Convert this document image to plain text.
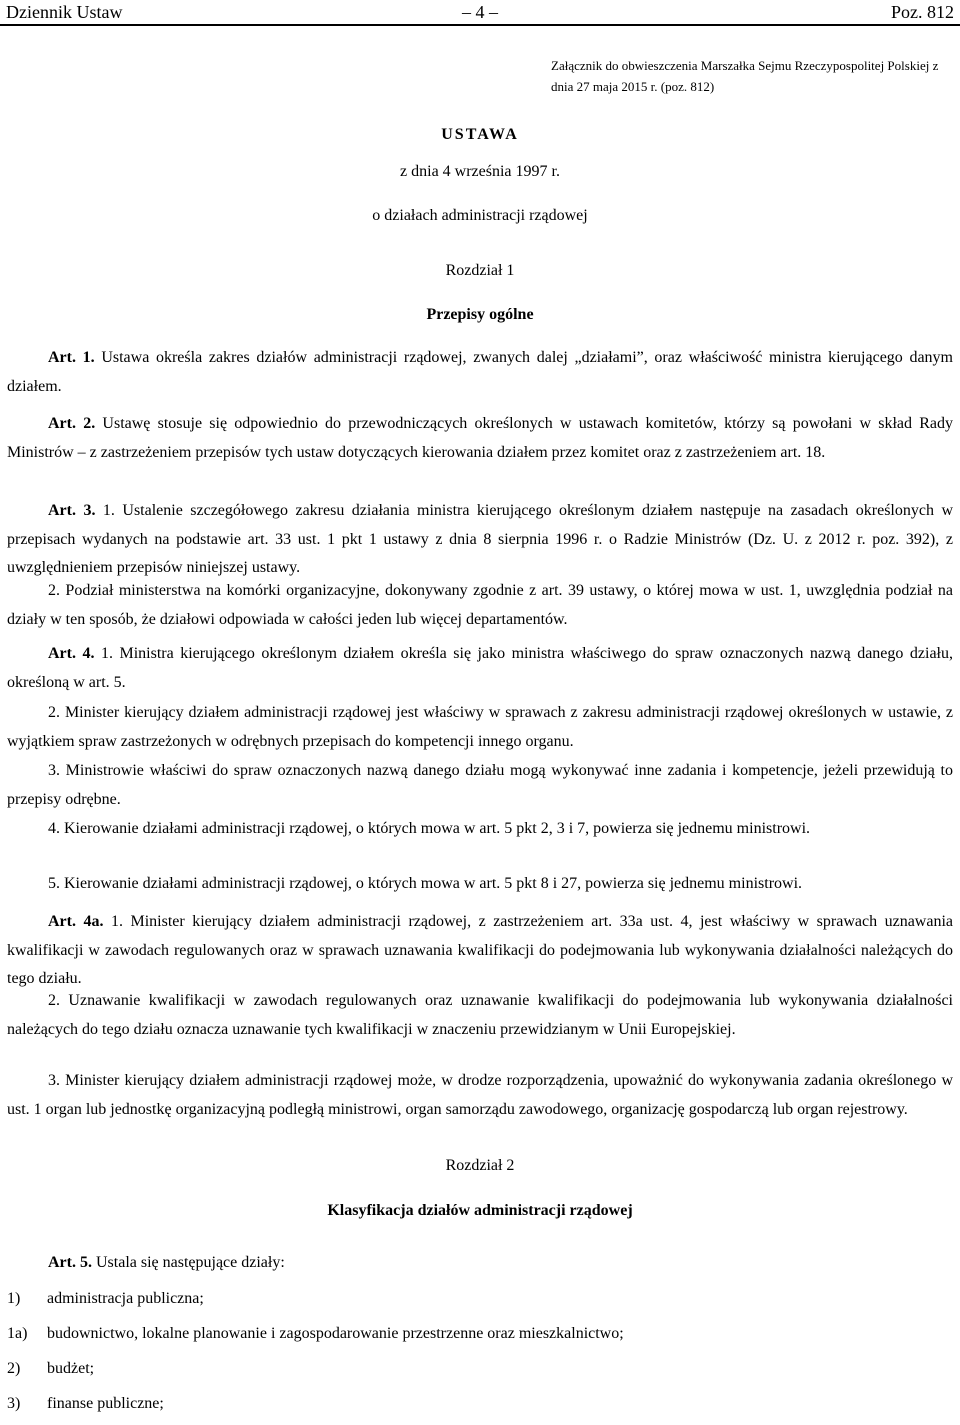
Dziennik Ustaw	– 4 –	Poz. 812

Załącznik do obwieszczenia Marszałka Sejmu Rzeczypospolitej Polskiej z dnia 27 maja 2015 r. (poz. 812)

USTAWA

z dnia 4 września 1997 r.

o działach administracji rządowej

Rozdział 1

Przepisy ogólne

Art. 1. Ustawa określa zakres działów administracji rządowej, zwanych dalej „działami”, oraz właściwość ministra kierującego danym działem.

Art. 2. Ustawę stosuje się odpowiednio do przewodniczących określonych w ustawach komitetów, którzy są powołani w skład Rady Ministrów – z zastrzeżeniem przepisów tych ustaw dotyczących kierowania działem przez komitet oraz z zastrzeżeniem art. 18.

Art. 3. 1. Ustalenie szczegółowego zakresu działania ministra kierującego określonym działem następuje na zasadach określonych w przepisach wydanych na podstawie art. 33 ust. 1 pkt 1 ustawy z dnia 8 sierpnia 1996 r. o Radzie Ministrów (Dz. U. z 2012 r. poz. 392), z uwzględnieniem przepisów niniejszej ustawy.

2. Podział ministerstwa na komórki organizacyjne, dokonywany zgodnie z art. 39 ustawy, o której mowa w ust. 1, uwzględnia podział na działy w ten sposób, że działowi odpowiada w całości jeden lub więcej departamentów.

Art. 4. 1. Ministra kierującego określonym działem określa się jako ministra właściwego do spraw oznaczonych nazwą danego działu, określoną w art. 5.

2. Minister kierujący działem administracji rządowej jest właściwy w sprawach z zakresu administracji rządowej określonych w ustawie, z wyjątkiem spraw zastrzeżonych w odrębnych przepisach do kompetencji innego organu.

3. Ministrowie właściwi do spraw oznaczonych nazwą danego działu mogą wykonywać inne zadania i kompetencje, jeżeli przewidują to przepisy odrębne.

4. Kierowanie działami administracji rządowej, o których mowa w art. 5 pkt 2, 3 i 7, powierza się jednemu ministrowi.

5. Kierowanie działami administracji rządowej, o których mowa w art. 5 pkt 8 i 27, powierza się jednemu ministrowi.

Art. 4a. 1. Minister kierujący działem administracji rządowej, z zastrzeżeniem art. 33a ust. 4, jest właściwy w sprawach uznawania kwalifikacji w zawodach regulowanych oraz w sprawach uznawania kwalifikacji do podejmowania lub wykonywania działalności należących do tego działu.

2. Uznawanie kwalifikacji w zawodach regulowanych oraz uznawanie kwalifikacji do podejmowania lub wykonywania działalności należących do tego działu oznacza uznawanie tych kwalifikacji w znaczeniu przewidzianym w Unii Europejskiej.

3. Minister kierujący działem administracji rządowej może, w drodze rozporządzenia, upoważnić do wykonywania zadania określonego w ust. 1 organ lub jednostkę organizacyjną podległą ministrowi, organ samorządu zawodowego, organizację gospodarczą lub organ rejestrowy.

Rozdział 2

Klasyfikacja działów administracji rządowej

Art. 5. Ustala się następujące działy:

1) administracja publiczna;
1a) budownictwo, lokalne planowanie i zagospodarowanie przestrzenne oraz mieszkalnictwo;
2) budżet;
3) finanse publiczne;
